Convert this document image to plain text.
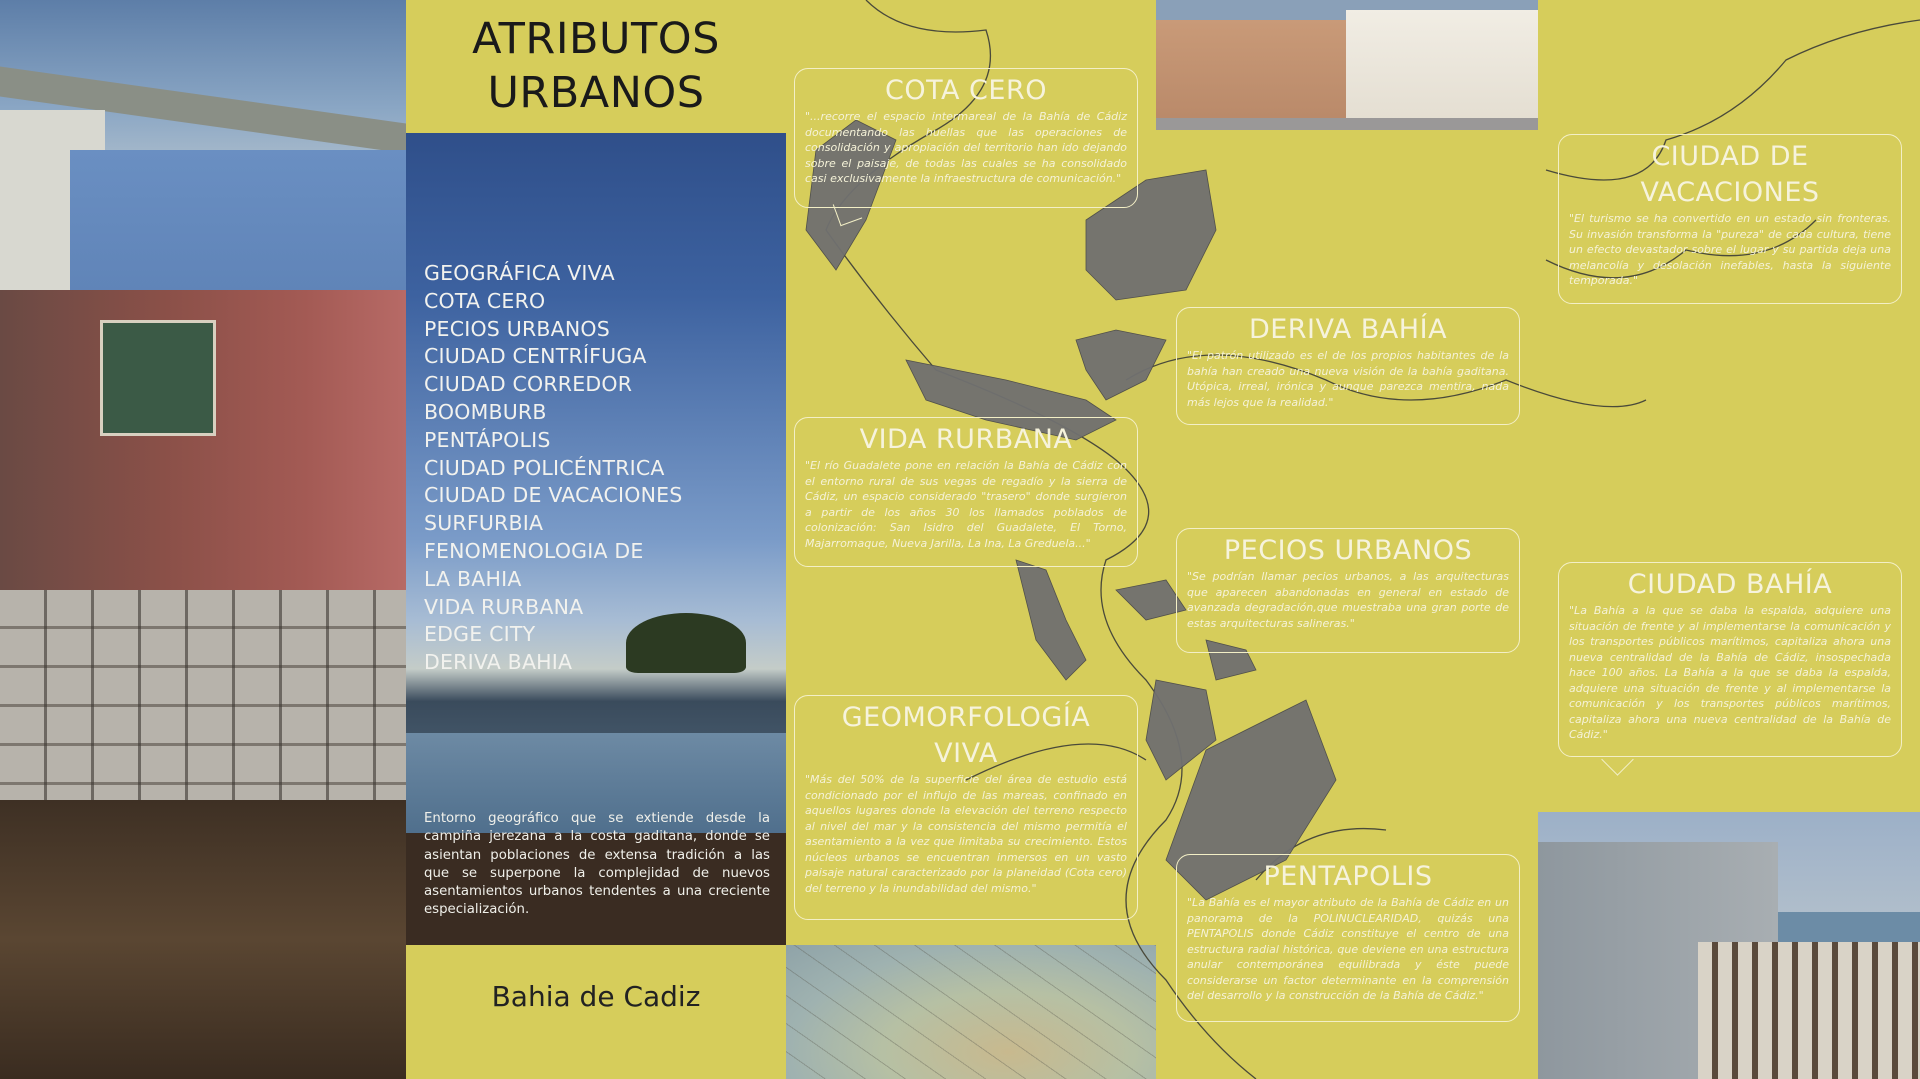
ATRIBUTOS
URBANOS
GEOGRÁFICA VIVA
COTA CERO
PECIOS URBANOS
CIUDAD CENTRÍFUGA
CIUDAD CORREDOR
BOOMBURB
PENTÁPOLIS
CIUDAD POLICÉNTRICA
CIUDAD DE VACACIONES
SURFURBIA
FENOMENOLOGIA DE
LA BAHIA
VIDA RURBANA
EDGE CITY
DERIVA BAHIA
Entorno geográfico que se extiende desde la campiña jerezana a la costa gaditana, donde se asientan poblaciones de extensa tradición a las que se superpone la complejidad de nuevos asentamientos urbanos tendentes a una creciente especialización.
Bahia de Cadiz
COTA CERO
"...recorre el espacio intermareal de la Bahía de Cádiz documentando las huellas que las operaciones de consolidación y apropiación del territorio han ido dejando sobre el paisaje, de todas las cuales se ha consolidado casi exclusivamente la infraestructura de comunicación."
VIDA RURBANA
"El río Guadalete pone en relación la Bahía de Cádiz con el entorno rural de sus vegas de regadío y la sierra de Cádiz, un espacio considerado "trasero" donde surgieron a partir de los años 30 los llamados poblados de colonización: San Isidro del Guadalete, El Torno, Majarromaque, Nueva Jarilla, La Ina, La Greduela..."
GEOMORFOLOGÍA
VIVA
"Más del 50% de la superficie del área de estudio está condicionado por el influjo de las mareas, confinado en aquellos lugares donde la elevación del terreno respecto al nivel del mar y la consistencia del mismo permitía el asentamiento a la vez que limitaba su crecimiento. Estos núcleos urbanos se encuentran inmersos en un vasto paisaje natural caracterizado por la planeidad (Cota cero) del terreno y la inundabilidad del mismo."
DERIVA BAHÍA
"El patrón utilizado es el de los propios habitantes de la bahía han creado una nueva visión de la bahía gaditana. Utópica, irreal, irónica y aunque parezca mentira, nada más lejos que la realidad."
PECIOS URBANOS
"Se podrían llamar pecios urbanos, a las arquitecturas que aparecen abandonadas en general en estado de avanzada degradación,que muestraba una gran porte de estas arquitecturas salineras."
PENTAPOLIS
"La Bahía es el mayor atributo de la Bahía de Cádiz en un panorama de la POLINUCLEARIDAD, quizás una PENTAPOLIS donde Cádiz constituye el centro de una estructura radial histórica, que deviene en una estructura anular contemporánea equilibrada y éste puede considerarse un factor determinante en la comprensión del desarrollo y la construcción de la Bahía de Cádiz."
CIUDAD DE
VACACIONES
"El turismo se ha convertido en un estado sin fronteras. Su invasión transforma la "pureza" de cada cultura, tiene un efecto devastador sobre el lugar y su partida deja una melancolía y desolación inefables, hasta la siguiente temporada."
CIUDAD BAHÍA
"La Bahía a la que se daba la espalda, adquiere una situación de frente y al implementarse la comunicación y los transportes públicos marítimos, capitaliza ahora una nueva centralidad de la Bahía de Cádiz, insospechada hace 100 años. La Bahía a la que se daba la espalda, adquiere una situación de frente y al implementarse la comunicación y los transportes públicos marítimos, capitaliza ahora una nueva centralidad de la Bahía de Cádiz."
